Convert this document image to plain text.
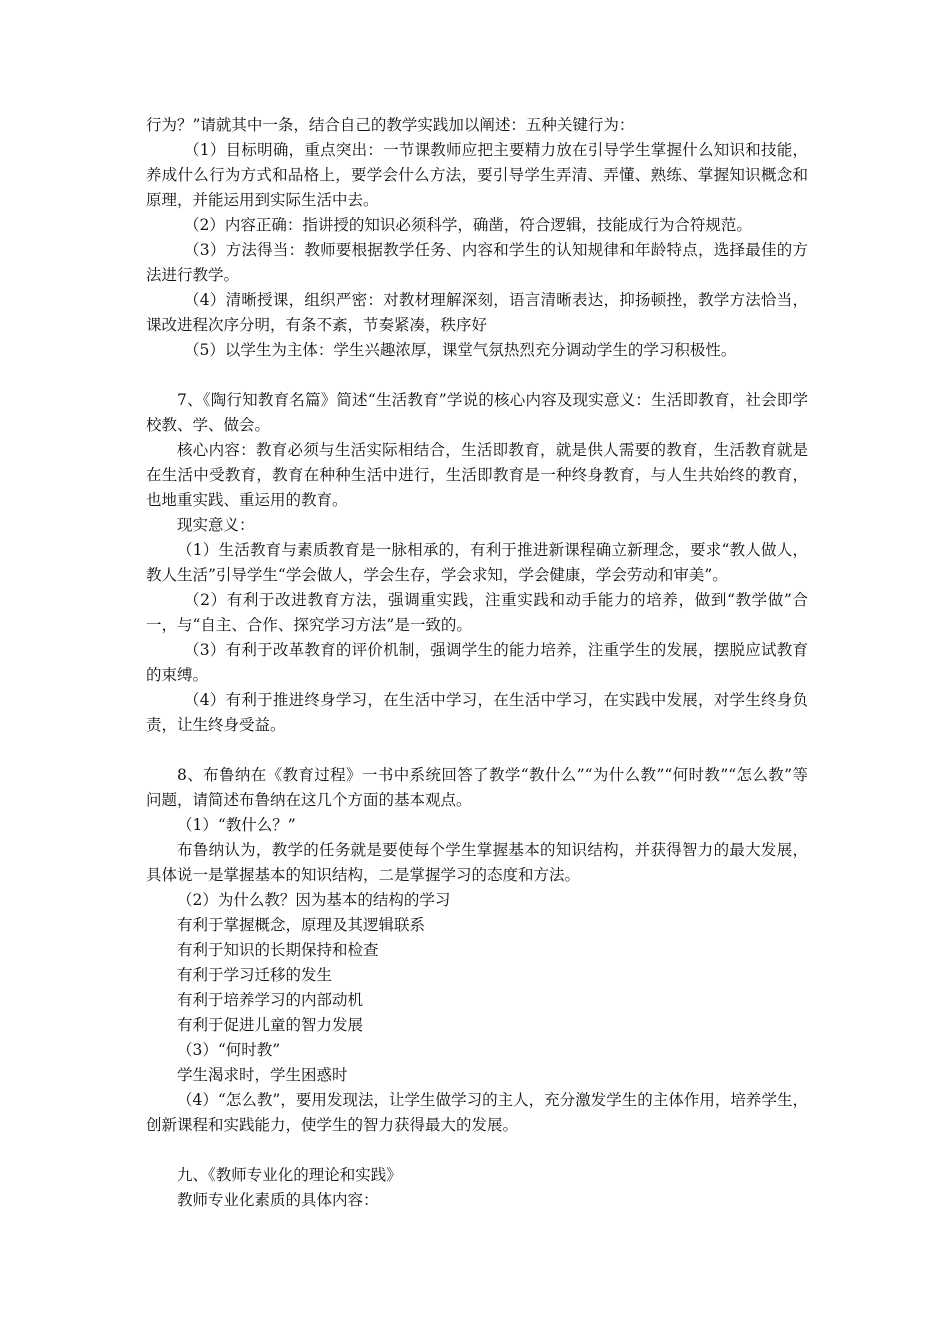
行为？”请就其中一条，结合自己的教学实践加以阐述：五种关键行为：

（1）目标明确，重点突出：一节课教师应把主要精力放在引导学生掌握什么知识和技能，养成什么行为方式和品格上，要学会什么方法，要引导学生弄清、弄懂、熟练、掌握知识概念和原理，并能运用到实际生活中去。

（2）内容正确：指讲授的知识必须科学，确凿，符合逻辑，技能成行为合符规范。

（3）方法得当：教师要根据教学任务、内容和学生的认知规律和年龄特点，选择最佳的方法进行教学。

（4）清晰授课，组织严密：对教材理解深刻，语言清晰表达，抑扬顿挫，教学方法恰当，课改进程次序分明，有条不紊，节奏紧凑，秩序好

（5）以学生为主体：学生兴趣浓厚，课堂气氛热烈充分调动学生的学习积极性。

7、《陶行知教育名篇》简述“生活教育”学说的核心内容及现实意义：生活即教育，社会即学校教、学、做会。

核心内容：教育必须与生活实际相结合，生活即教育，就是供人需要的教育，生活教育就是在生活中受教育，教育在种种生活中进行，生活即教育是一种终身教育，与人生共始终的教育，也地重实践、重运用的教育。

现实意义：

（1）生活教育与素质教育是一脉相承的，有利于推进新课程确立新理念，要求“教人做人，教人生活”引导学生“学会做人，学会生存，学会求知，学会健康，学会劳动和审美”。

（2）有利于改进教育方法，强调重实践，注重实践和动手能力的培养，做到“教学做”合一，与“自主、合作、探究学习方法”是一致的。

（3）有利于改革教育的评价机制，强调学生的能力培养，注重学生的发展，摆脱应试教育的束缚。

（4）有利于推进终身学习，在生活中学习，在生活中学习，在实践中发展，对学生终身负责，让生终身受益。

8、布鲁纳在《教育过程》一书中系统回答了教学“教什么”“为什么教”“何时教”“怎么教”等问题，请简述布鲁纳在这几个方面的基本观点。

（1）“教什么？”

布鲁纳认为，教学的任务就是要使每个学生掌握基本的知识结构，并获得智力的最大发展，具体说一是掌握基本的知识结构，二是掌握学习的态度和方法。

（2）为什么教？因为基本的结构的学习

有利于掌握概念，原理及其逻辑联系

有利于知识的长期保持和检查

有利于学习迁移的发生

有利于培养学习的内部动机

有利于促进儿童的智力发展

（3）“何时教”

学生渴求时，学生困惑时

（4）“怎么教”，要用发现法，让学生做学习的主人，充分激发学生的主体作用，培养学生，创新课程和实践能力，使学生的智力获得最大的发展。

九、《教师专业化的理论和实践》

教师专业化素质的具体内容：
